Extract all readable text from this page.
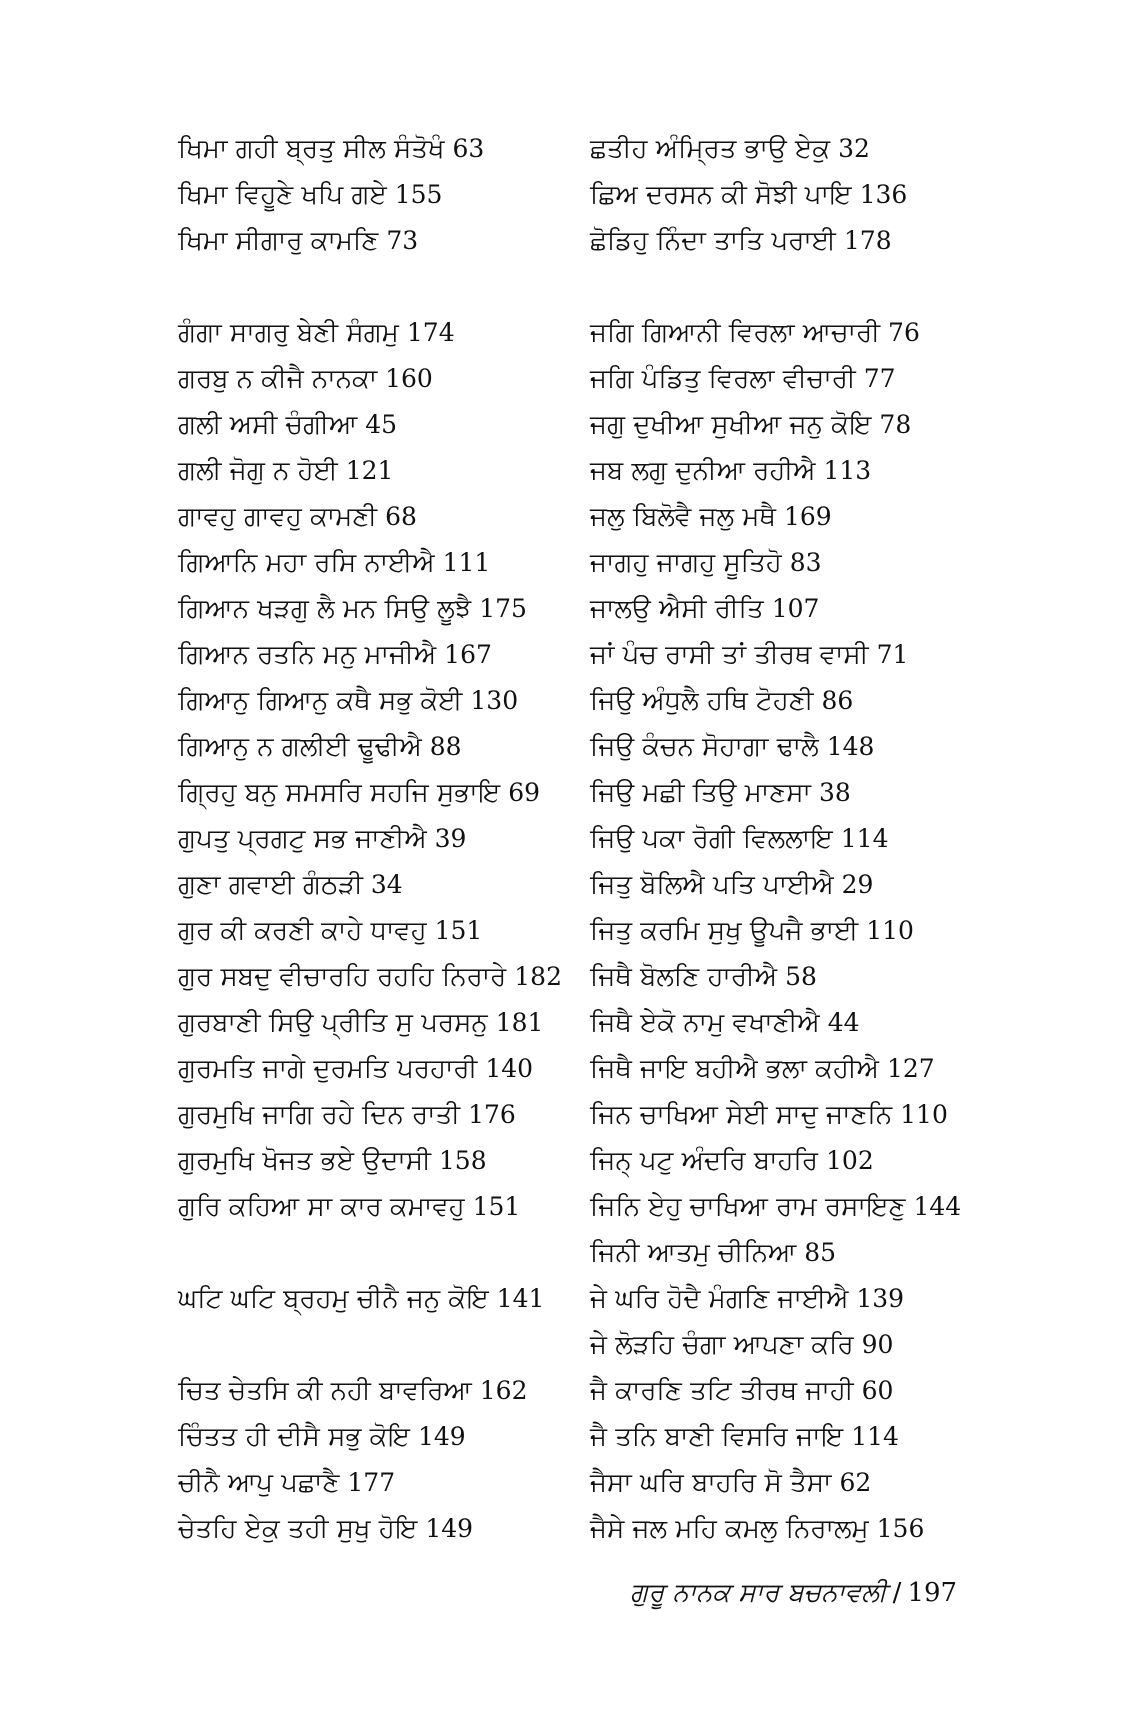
ਖਿਮਾ ਗਹੀ ਬ੍ਰਤੁ ਸੀਲ ਸੰਤੋਖੰ 63
ਖਿਮਾ ਵਿਹੂਣੇ ਖਪਿ ਗਏ 155
ਖਿਮਾ ਸੀਗਾਰੁ ਕਾਮਣਿ 73
ਗੰਗਾ ਸਾਗਰੁ ਬੇਣੀ ਸੰਗਮੁ 174
ਗਰਬੁ ਨ ਕੀਜੈ ਨਾਨਕਾ 160
ਗਲੀ ਅਸੀ ਚੰਗੀਆ 45
ਗਲੀ ਜੋਗੁ ਨ ਹੋਈ 121
ਗਾਵਹੁ ਗਾਵਹੁ ਕਾਮਣੀ 68
ਗਿਆਨਿ ਮਹਾ ਰਸਿ ਨਾਈਐ 111
ਗਿਆਨ ਖੜਗੁ ਲੈ ਮਨ ਸਿਉ ਲੂਝੈ 175
ਗਿਆਨ ਰਤਨਿ ਮਨੁ ਮਾਜੀਐ 167
ਗਿਆਨੁ ਗਿਆਨੁ ਕਥੈ ਸਭੁ ਕੋਈ 130
ਗਿਆਨੁ ਨ ਗਲੀਈ ਢੂਢੀਐ 88
ਗ੍ਰਿਹੁ ਬਨੁ ਸਮਸਰਿ ਸਹਜਿ ਸੁਭਾਇ 69
ਗੁਪਤੁ ਪ੍ਰਗਟੁ ਸਭ ਜਾਣੀਐ 39
ਗੁਣਾ ਗਵਾਈ ਗੰਠੜੀ 34
ਗੁਰ ਕੀ ਕਰਣੀ ਕਾਹੇ ਧਾਵਹੁ 151
ਗੁਰ ਸਬਦੁ ਵੀਚਾਰਹਿ ਰਹਹਿ ਨਿਰਾਰੇ 182
ਗੁਰਬਾਣੀ ਸਿਉ ਪ੍ਰੀਤਿ ਸੁ ਪਰਸਨੁ 181
ਗੁਰਮਤਿ ਜਾਗੇ ਦੁਰਮਤਿ ਪਰਹਾਰੀ 140
ਗੁਰਮੁਖਿ ਜਾਗਿ ਰਹੇ ਦਿਨ ਰਾਤੀ 176
ਗੁਰਮੁਖਿ ਖੋਜਤ ਭਏ ਉਦਾਸੀ 158
ਗੁਰਿ ਕਹਿਆ ਸਾ ਕਾਰ ਕਮਾਵਹੁ 151
ਘਟਿ ਘਟਿ ਬ੍ਰਹਮੁ ਚੀਨੈ ਜਨੁ ਕੋਇ 141
ਚਿਤ ਚੇਤਸਿ ਕੀ ਨਹੀ ਬਾਵਰਿਆ 162
ਚਿੰਤਤ ਹੀ ਦੀਸੈ ਸਭੁ ਕੋਇ 149
ਚੀਨੈ ਆਪੁ ਪਛਾਣੈ 177
ਚੇਤਹਿ ਏਕੁ ਤਹੀ ਸੁਖੁ ਹੋਇ 149
ਛਤੀਹ ਅੰਮ੍ਰਿਤ ਭਾਉ ਏਕੁ 32
ਛਿਅ ਦਰਸਨ ਕੀ ਸੋਝੀ ਪਾਇ 136
ਛੋਡਿਹੁ ਨਿੰਦਾ ਤਾਤਿ ਪਰਾਈ 178
ਜਗਿ ਗਿਆਨੀ ਵਿਰਲਾ ਆਚਾਰੀ 76
ਜਗਿ ਪੰਡਿਤੁ ਵਿਰਲਾ ਵੀਚਾਰੀ 77
ਜਗੁ ਦੁਖੀਆ ਸੁਖੀਆ ਜਨੁ ਕੋਇ 78
ਜਬ ਲਗੁ ਦੁਨੀਆ ਰਹੀਐ 113
ਜਲੁ ਬਿਲੋਵੈ ਜਲੁ ਮਥੈ 169
ਜਾਗਹੁ ਜਾਗਹੁ ਸੂਤਿਹੋ 83
ਜਾਲਉ ਐਸੀ ਰੀਤਿ 107
ਜਾਂ ਪੰਚ ਰਾਸੀ ਤਾਂ ਤੀਰਥ ਵਾਸੀ 71
ਜਿਉ ਅੰਧੁਲੈ ਹਥਿ ਟੋਹਣੀ 86
ਜਿਉ ਕੰਚਨ ਸੋਹਾਗਾ ਢਾਲੈ 148
ਜਿਉ ਮਛੀ ਤਿਉ ਮਾਣਸਾ 38
ਜਿਉ ਪਕਾ ਰੋਗੀ ਵਿਲਲਾਇ 114
ਜਿਤੁ ਬੋਲਿਐ ਪਤਿ ਪਾਈਐ 29
ਜਿਤੁ ਕਰਮਿ ਸੁਖੁ ਊਪਜੈ ਭਾਈ 110
ਜਿਥੈ ਬੋਲਣਿ ਹਾਰੀਐ 58
ਜਿਥੈ ਏਕੋ ਨਾਮੁ ਵਖਾਣੀਐ 44
ਜਿਥੈ ਜਾਇ ਬਹੀਐ ਭਲਾ ਕਹੀਐ 127
ਜਿਨ ਚਾਖਿਆ ਸੇਈ ਸਾਦੁ ਜਾਣਨਿ 110
ਜਿਨ੍ ਪਟੁ ਅੰਦਰਿ ਬਾਹਰਿ 102
ਜਿਨਿ ਏਹੁ ਚਾਖਿਆ ਰਾਮ ਰਸਾਇਣੁ 144
ਜਿਨੀ ਆਤਮੁ ਚੀਨਿਆ 85
ਜੇ ਘਰਿ ਹੋਦੈ ਮੰਗਣਿ ਜਾਈਐ 139
ਜੇ ਲੋੜਹਿ ਚੰਗਾ ਆਪਣਾ ਕਰਿ 90
ਜੈ ਕਾਰਣਿ ਤਟਿ ਤੀਰਥ ਜਾਹੀ 60
ਜੈ ਤਨਿ ਬਾਣੀ ਵਿਸਰਿ ਜਾਇ 114
ਜੈਸਾ ਘਰਿ ਬਾਹਰਿ ਸੋ ਤੈਸਾ 62
ਜੈਸੇ ਜਲ ਮਹਿ ਕਮਲੁ ਨਿਰਾਲਮੁ 156
ਗੁਰੂ ਨਾਨਕ ਸਾਰ ਬਚਨਾਵਲੀ / 197
